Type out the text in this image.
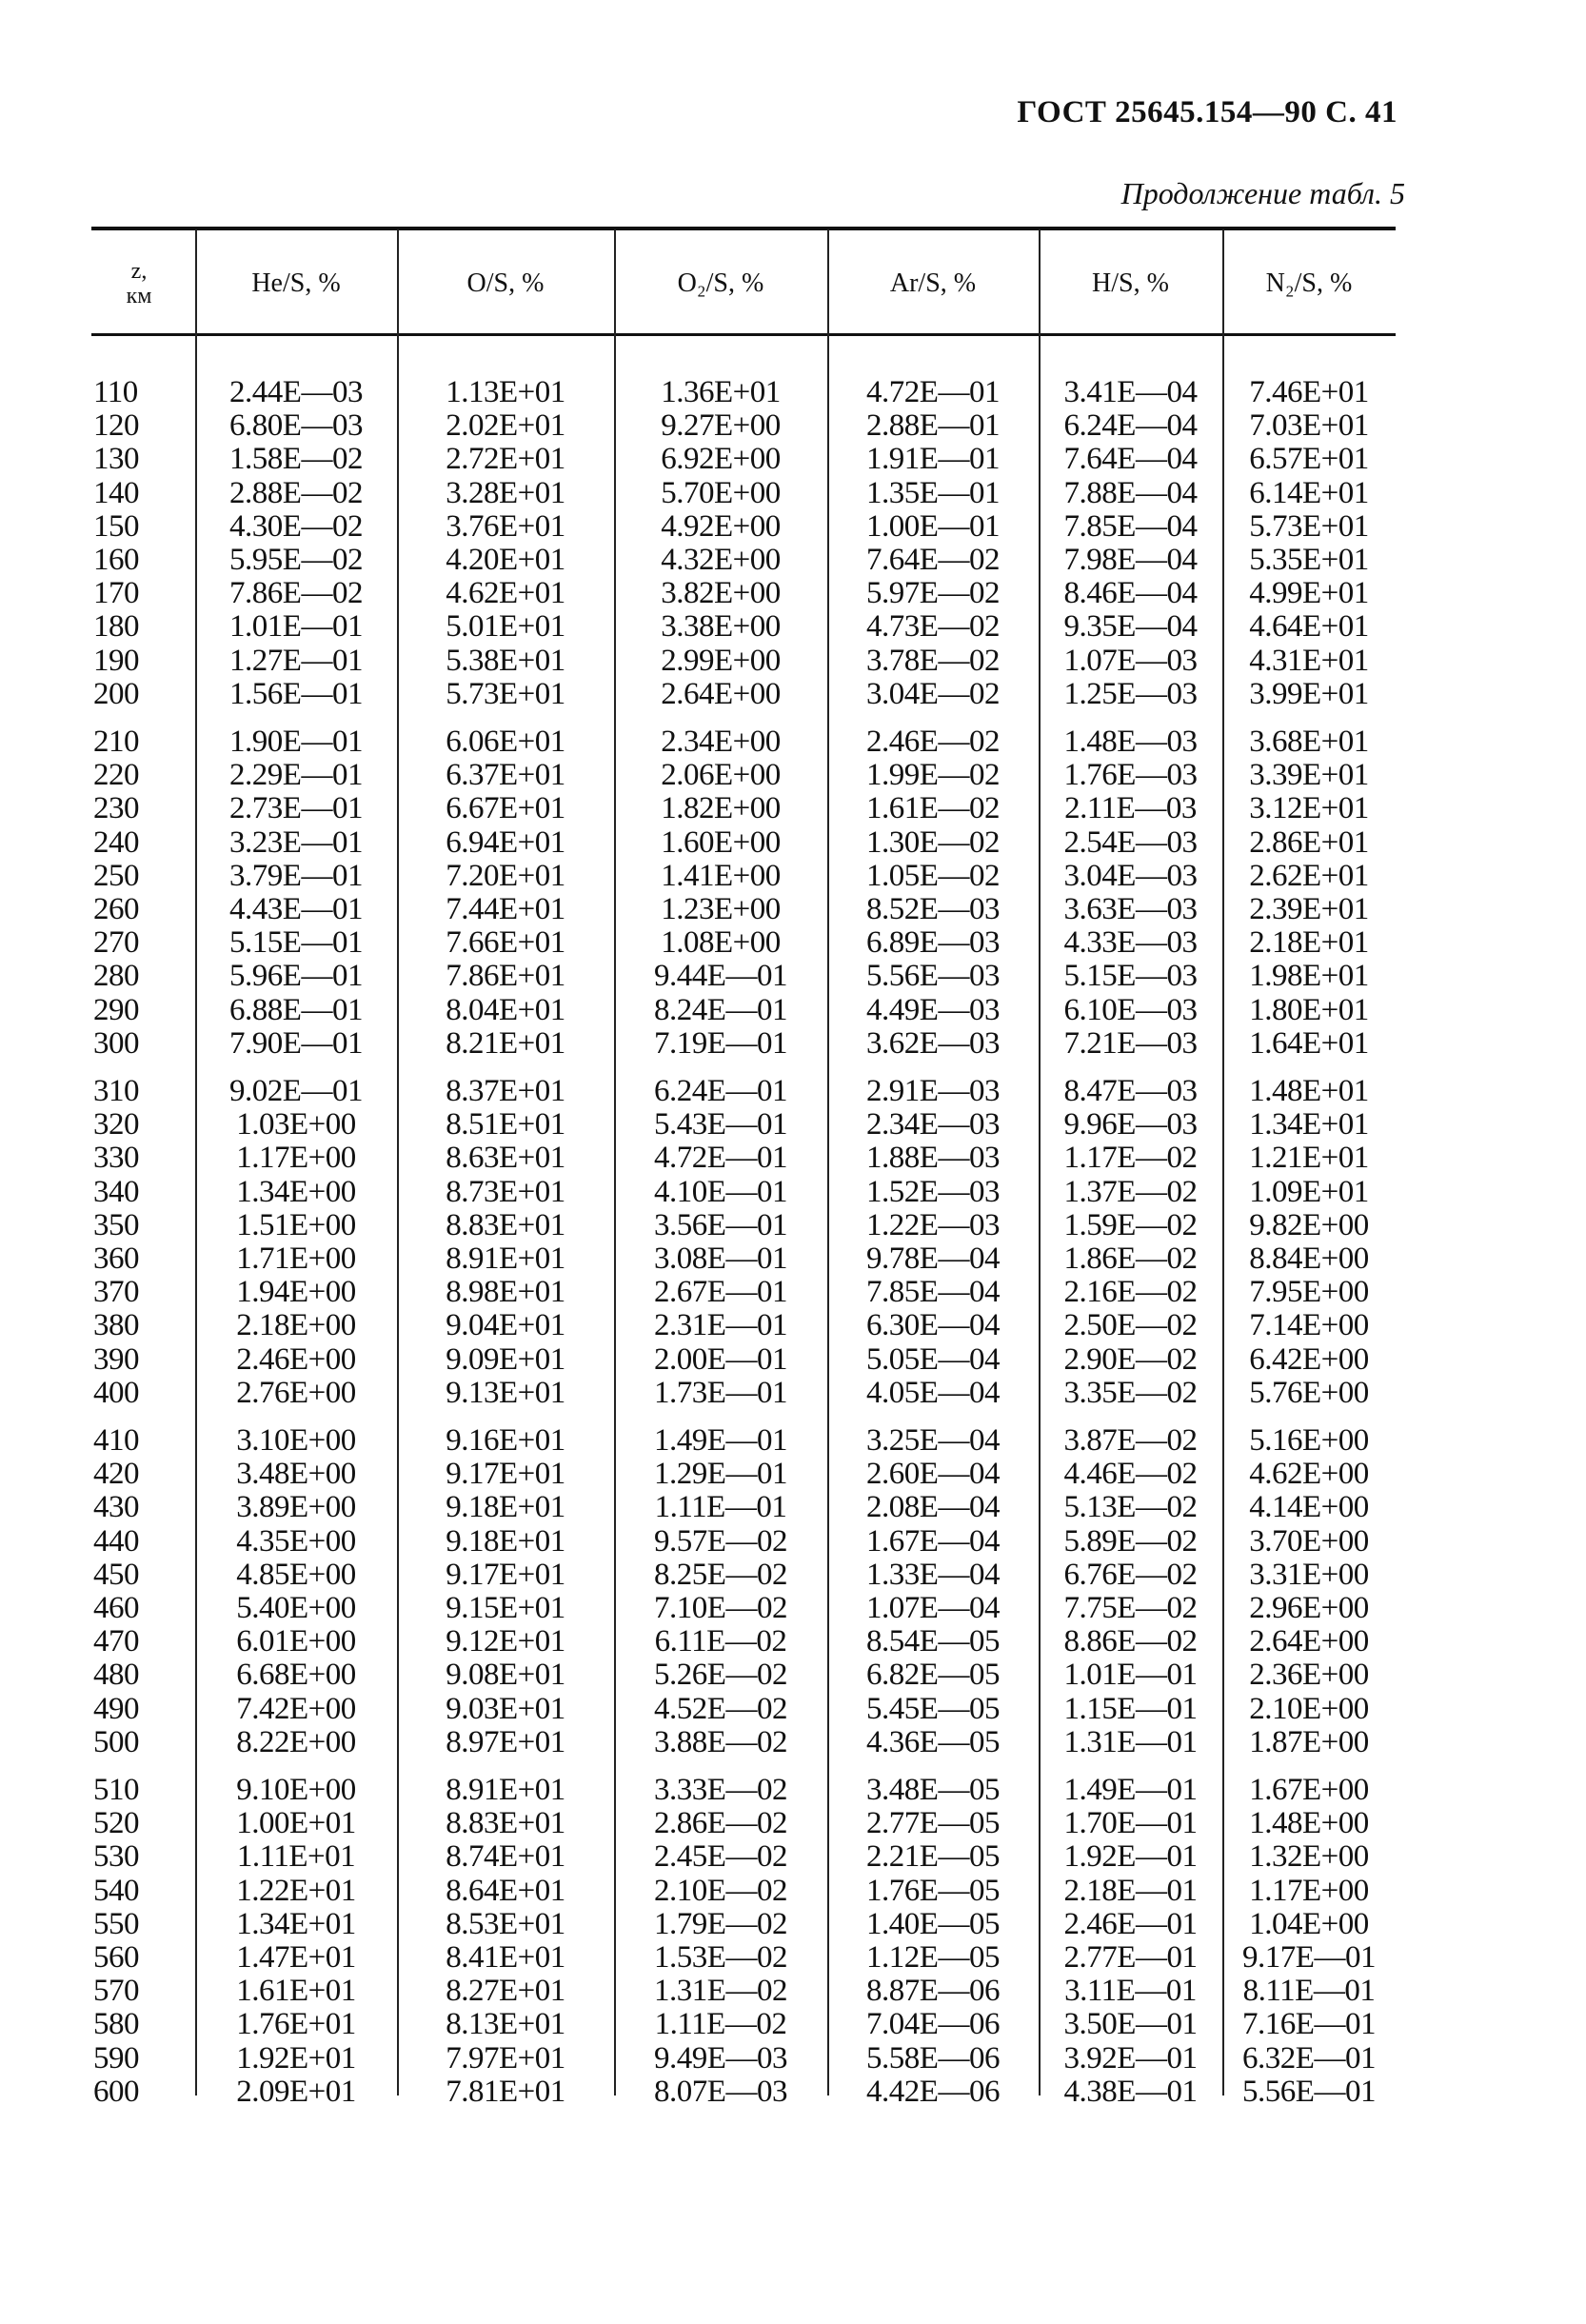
ГОСТ 25645.154—90 С. 41
Продолжение табл. 5
z,
км	He/S, %	O/S, %	O₂/S, %	Ar/S, %	H/S, %	N₂/S, %
110	2.44E—03	1.13E+01	1.36E+01	4.72E—01	3.41E—04	7.46E+01
120	6.80E—03	2.02E+01	9.27E+00	2.88E—01	6.24E—04	7.03E+01
130	1.58E—02	2.72E+01	6.92E+00	1.91E—01	7.64E—04	6.57E+01
140	2.88E—02	3.28E+01	5.70E+00	1.35E—01	7.88E—04	6.14E+01
150	4.30E—02	3.76E+01	4.92E+00	1.00E—01	7.85E—04	5.73E+01
160	5.95E—02	4.20E+01	4.32E+00	7.64E—02	7.98E—04	5.35E+01
170	7.86E—02	4.62E+01	3.82E+00	5.97E—02	8.46E—04	4.99E+01
180	1.01E—01	5.01E+01	3.38E+00	4.73E—02	9.35E—04	4.64E+01
190	1.27E—01	5.38E+01	2.99E+00	3.78E—02	1.07E—03	4.31E+01
200	1.56E—01	5.73E+01	2.64E+00	3.04E—02	1.25E—03	3.99E+01
210	1.90E—01	6.06E+01	2.34E+00	2.46E—02	1.48E—03	3.68E+01
220	2.29E—01	6.37E+01	2.06E+00	1.99E—02	1.76E—03	3.39E+01
230	2.73E—01	6.67E+01	1.82E+00	1.61E—02	2.11E—03	3.12E+01
240	3.23E—01	6.94E+01	1.60E+00	1.30E—02	2.54E—03	2.86E+01
250	3.79E—01	7.20E+01	1.41E+00	1.05E—02	3.04E—03	2.62E+01
260	4.43E—01	7.44E+01	1.23E+00	8.52E—03	3.63E—03	2.39E+01
270	5.15E—01	7.66E+01	1.08E+00	6.89E—03	4.33E—03	2.18E+01
280	5.96E—01	7.86E+01	9.44E—01	5.56E—03	5.15E—03	1.98E+01
290	6.88E—01	8.04E+01	8.24E—01	4.49E—03	6.10E—03	1.80E+01
300	7.90E—01	8.21E+01	7.19E—01	3.62E—03	7.21E—03	1.64E+01
310	9.02E—01	8.37E+01	6.24E—01	2.91E—03	8.47E—03	1.48E+01
320	1.03E+00	8.51E+01	5.43E—01	2.34E—03	9.96E—03	1.34E+01
330	1.17E+00	8.63E+01	4.72E—01	1.88E—03	1.17E—02	1.21E+01
340	1.34E+00	8.73E+01	4.10E—01	1.52E—03	1.37E—02	1.09E+01
350	1.51E+00	8.83E+01	3.56E—01	1.22E—03	1.59E—02	9.82E+00
360	1.71E+00	8.91E+01	3.08E—01	9.78E—04	1.86E—02	8.84E+00
370	1.94E+00	8.98E+01	2.67E—01	7.85E—04	2.16E—02	7.95E+00
380	2.18E+00	9.04E+01	2.31E—01	6.30E—04	2.50E—02	7.14E+00
390	2.46E+00	9.09E+01	2.00E—01	5.05E—04	2.90E—02	6.42E+00
400	2.76E+00	9.13E+01	1.73E—01	4.05E—04	3.35E—02	5.76E+00
410	3.10E+00	9.16E+01	1.49E—01	3.25E—04	3.87E—02	5.16E+00
420	3.48E+00	9.17E+01	1.29E—01	2.60E—04	4.46E—02	4.62E+00
430	3.89E+00	9.18E+01	1.11E—01	2.08E—04	5.13E—02	4.14E+00
440	4.35E+00	9.18E+01	9.57E—02	1.67E—04	5.89E—02	3.70E+00
450	4.85E+00	9.17E+01	8.25E—02	1.33E—04	6.76E—02	3.31E+00
460	5.40E+00	9.15E+01	7.10E—02	1.07E—04	7.75E—02	2.96E+00
470	6.01E+00	9.12E+01	6.11E—02	8.54E—05	8.86E—02	2.64E+00
480	6.68E+00	9.08E+01	5.26E—02	6.82E—05	1.01E—01	2.36E+00
490	7.42E+00	9.03E+01	4.52E—02	5.45E—05	1.15E—01	2.10E+00
500	8.22E+00	8.97E+01	3.88E—02	4.36E—05	1.31E—01	1.87E+00
510	9.10E+00	8.91E+01	3.33E—02	3.48E—05	1.49E—01	1.67E+00
520	1.00E+01	8.83E+01	2.86E—02	2.77E—05	1.70E—01	1.48E+00
530	1.11E+01	8.74E+01	2.45E—02	2.21E—05	1.92E—01	1.32E+00
540	1.22E+01	8.64E+01	2.10E—02	1.76E—05	2.18E—01	1.17E+00
550	1.34E+01	8.53E+01	1.79E—02	1.40E—05	2.46E—01	1.04E+00
560	1.47E+01	8.41E+01	1.53E—02	1.12E—05	2.77E—01	9.17E—01
570	1.61E+01	8.27E+01	1.31E—02	8.87E—06	3.11E—01	8.11E—01
580	1.76E+01	8.13E+01	1.11E—02	7.04E—06	3.50E—01	7.16E—01
590	1.92E+01	7.97E+01	9.49E—03	5.58E—06	3.92E—01	6.32E—01
600	2.09E+01	7.81E+01	8.07E—03	4.42E—06	4.38E—01	5.56E—01
